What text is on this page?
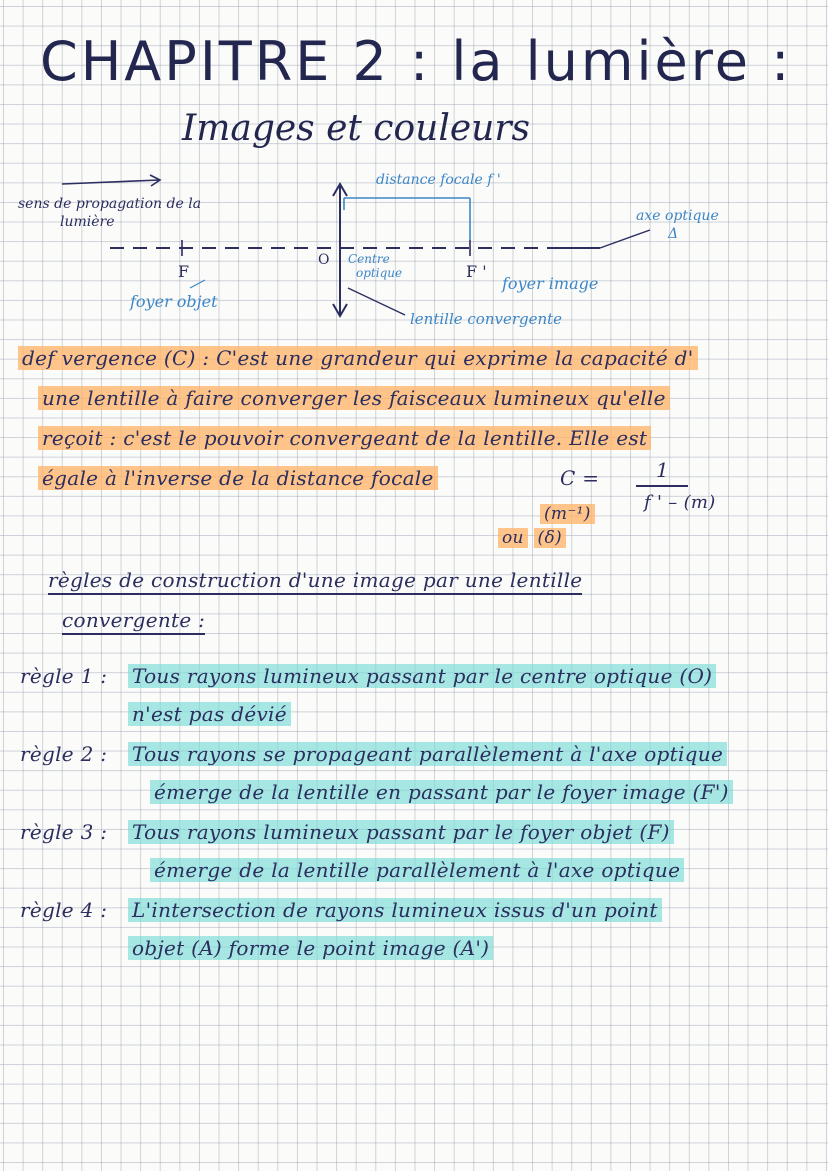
CHAPITRE 2 : la lumière :
Images et couleurs
sens de propagation de la
lumière
distance focale f '
axe optique
Δ
F
O
F '
Centre
optique
foyer objet
foyer image
lentille convergente
def vergence (C) : C'est une grandeur qui exprime la capacité d'
une lentille à faire converger les faisceaux lumineux qu'elle
reçoit : c'est le pouvoir convergeant de la lentille. Elle est
égale à l'inverse de la distance focale	C =	1
f ' – (m)
(m⁻¹)
ou (δ)
règles de construction d'une image par une lentille
convergente :
règle 1 : Tous rayons lumineux passant par le centre optique (O)
n'est pas dévié
règle 2 : Tous rayons se propageant parallèlement à l'axe optique
émerge de la lentille en passant par le foyer image (F')
règle 3 : Tous rayons lumineux passant par le foyer objet (F)
émerge de la lentille parallèlement à l'axe optique
règle 4 : L'intersection de rayons lumineux issus d'un point
objet (A) forme le point image (A')
